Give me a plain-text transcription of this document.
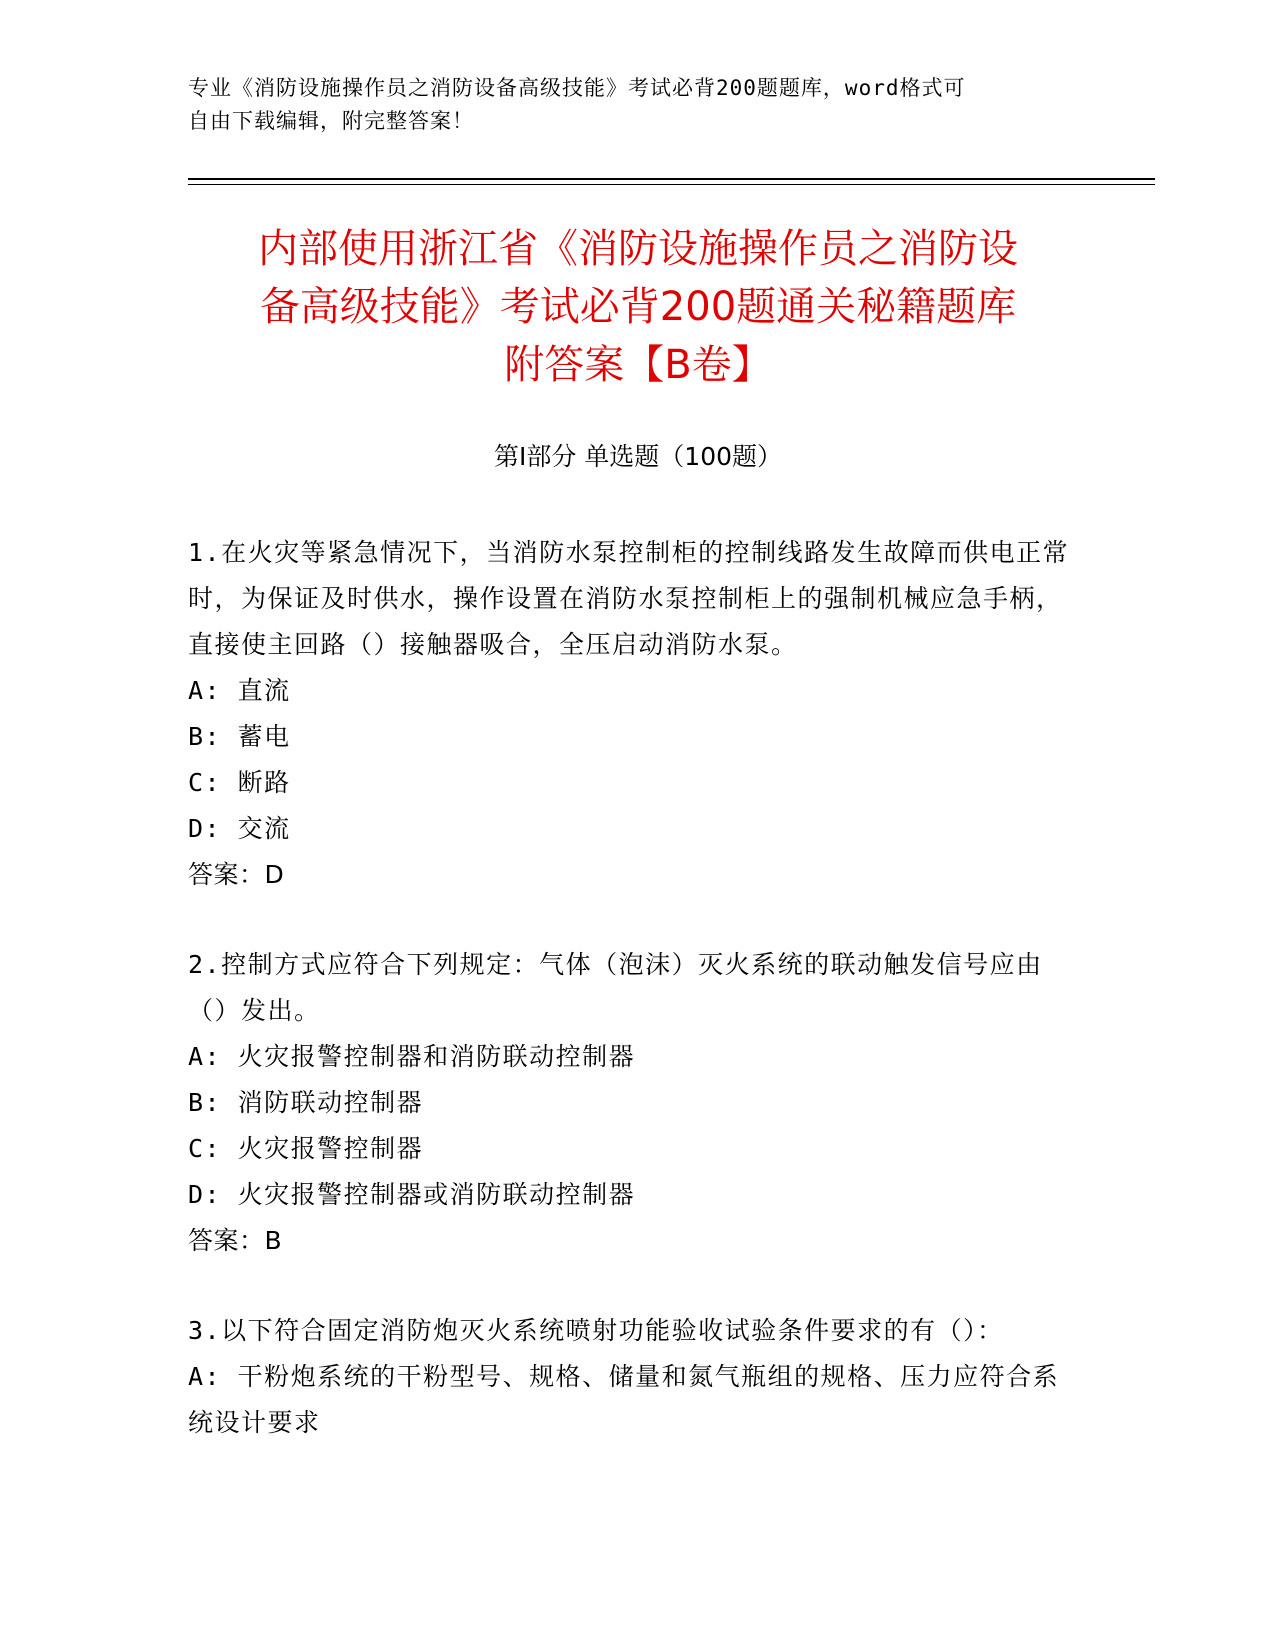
专业《消防设施操作员之消防设备高级技能》考试必背200题题库，word格式可
自由下载编辑，附完整答案！
内部使用浙江省《消防设施操作员之消防设
备高级技能》考试必背200题通关秘籍题库
附答案【B卷】
第Ⅰ部分 单选题（100题）
1.在火灾等紧急情况下，当消防水泵控制柜的控制线路发生故障而供电正常时，为保证及时供水，操作设置在消防水泵控制柜上的强制机械应急手柄，直接使主回路（）接触器吸合，全压启动消防水泵。
A: 直流
B: 蓄电
C: 断路
D: 交流
答案：D
2.控制方式应符合下列规定：气体（泡沫）灭火系统的联动触发信号应由（）发出。
A: 火灾报警控制器和消防联动控制器
B: 消防联动控制器
C: 火灾报警控制器
D: 火灾报警控制器或消防联动控制器
答案：B
3.以下符合固定消防炮灭火系统喷射功能验收试验条件要求的有（）：
A: 干粉炮系统的干粉型号、规格、储量和氮气瓶组的规格、压力应符合系统设计要求
